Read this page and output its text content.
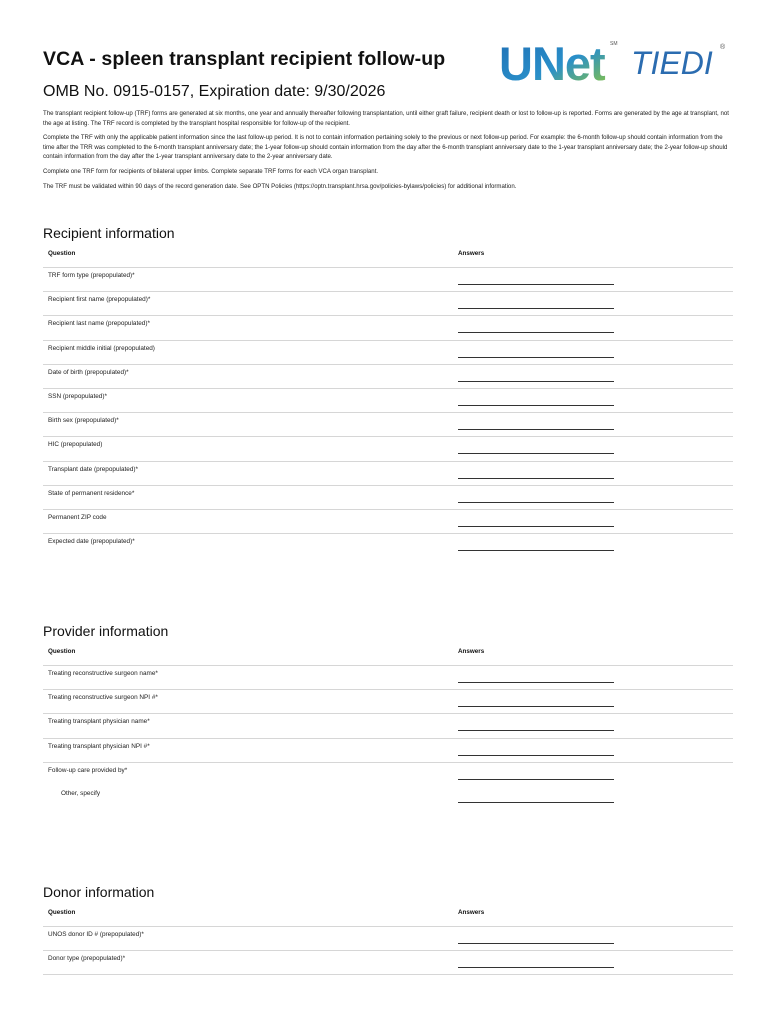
VCA - spleen transplant recipient follow-up
OMB No. 0915-0157, Expiration date: 9/30/2026
UNet SM
TIEDI ®

The transplant recipient follow-up (TRF) forms are generated at six months, one year and annually thereafter following transplantation, until either graft failure, recipient death or lost to follow-up is reported. Forms are generated by the age at transplant, not the age at listing. The TRF record is completed by the transplant hospital responsible for follow-up of the recipient.

Complete the TRF with only the applicable patient information since the last follow-up period. It is not to contain information pertaining solely to the previous or next follow-up period. For example: the 6-month follow-up should contain information from the time after the TRR was completed to the 6-month transplant anniversary date; the 1-year follow-up should contain information from the day after the 6-month transplant anniversary date to the 1-year transplant anniversary date; the 2-year follow-up should contain information from the day after the 1-year transplant anniversary date to the 2-year anniversary date.

Complete one TRF form for recipients of bilateral upper limbs. Complete separate TRF forms for each VCA organ transplant.

The TRF must be validated within 90 days of the record generation date. See OPTN Policies (https://optn.transplant.hrsa.gov/policies-bylaws/policies) for additional information.

Recipient information
Question	Answers
TRF form type (prepopulated)*
Recipient first name (prepopulated)*
Recipient last name (prepopulated)*
Recipient middle initial (prepopulated)
Date of birth (prepopulated)*
SSN (prepopulated)*
Birth sex (prepopulated)*
HIC (prepopulated)
Transplant date (prepopulated)*
State of permanent residence*
Permanent ZIP code
Expected date (prepopulated)*
Provider information
Question	Answers
Treating reconstructive surgeon name*
Treating reconstructive surgeon NPI #*
Treating transplant physician name*
Treating transplant physician NPI #*
Follow-up care provided by*
Other, specify
Donor information
Question	Answers
UNOS donor ID # (prepopulated)*
Donor type (prepopulated)*
